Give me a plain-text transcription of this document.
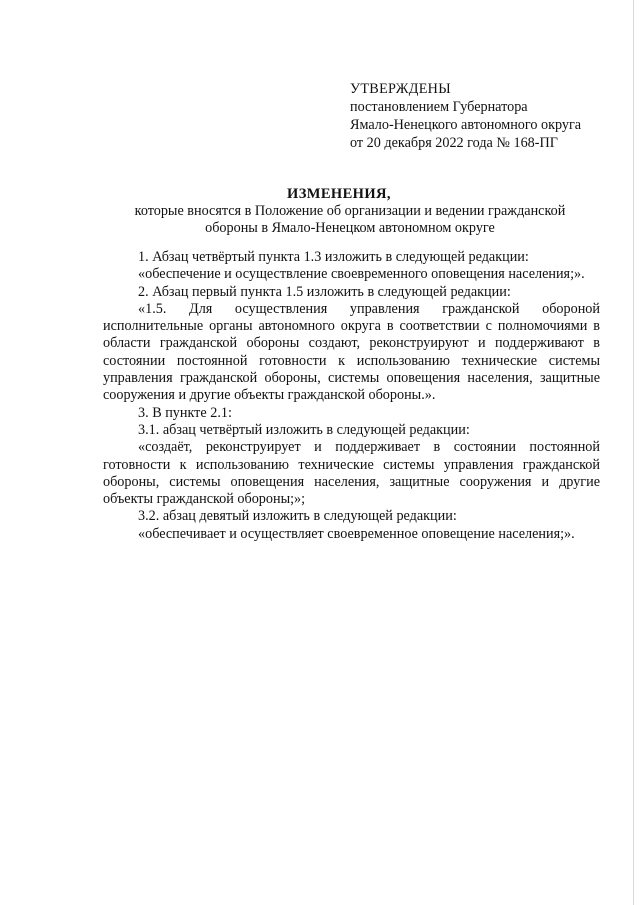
УТВЕРЖДЕНЫ

постановлением Губернатора

Ямало-Ненецкого автономного округа

от 20 декабря 2022 года № 168-ПГ

ИЗМЕНЕНИЯ,
которые вносятся в Положение об организации и ведении гражданской
обороны в Ямало-Ненецком автономном округе

1. Абзац четвёртый пункта 1.3 изложить в следующей редакции:

«обеспечение и осуществление своевременного оповещения населения;».

2. Абзац первый пункта 1.5 изложить в следующей редакции:

«1.5. Для осуществления управления гражданской обороной исполнительные органы автономного округа в соответствии с полномочиями в области гражданской обороны создают, реконструируют и поддерживают в состоянии постоянной готовности к использованию технические системы управления гражданской обороны, системы оповещения населения, защитные сооружения и другие объекты гражданской обороны.».

3. В пункте 2.1:

3.1. абзац четвёртый изложить в следующей редакции:

«создаёт, реконструирует и поддерживает в состоянии постоянной готовности к использованию технические системы управления гражданской обороны, системы оповещения населения, защитные сооружения и другие объекты гражданской обороны;»;

3.2. абзац девятый изложить в следующей редакции:

«обеспечивает и осуществляет своевременное оповещение населения;».
